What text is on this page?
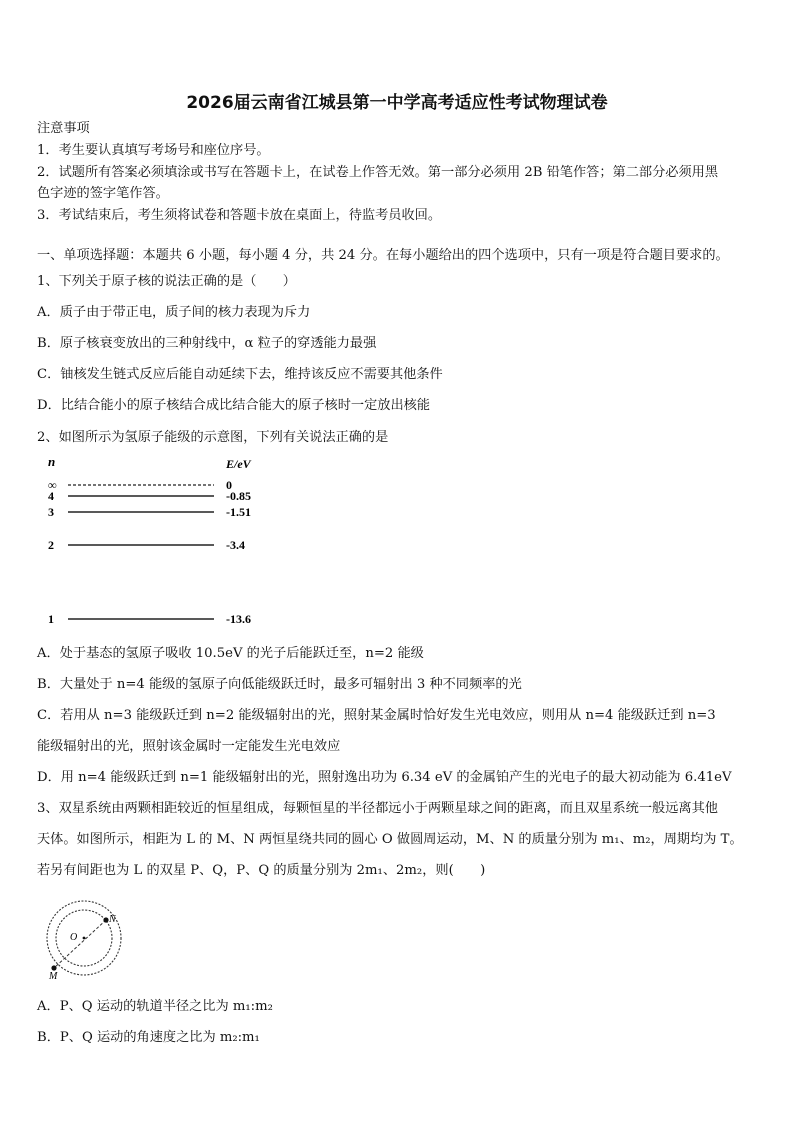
2026届云南省江城县第一中学高考适应性考试物理试卷
注意事项
1．考生要认真填写考场号和座位序号。
2．试题所有答案必须填涂或书写在答题卡上，在试卷上作答无效。第一部分必须用 2B 铅笔作答；第二部分必须用黑
色字迹的签字笔作答。
3．考试结束后，考生须将试卷和答题卡放在桌面上，待监考员收回。
一、单项选择题：本题共 6 小题，每小题 4 分，共 24 分。在每小题给出的四个选项中，只有一项是符合题目要求的。
1、下列关于原子核的说法正确的是（　　）
A．质子由于带正电，质子间的核力表现为斥力
B．原子核衰变放出的三种射线中，α 粒子的穿透能力最强
C．铀核发生链式反应后能自动延续下去，维持该反应不需要其他条件
D．比结合能小的原子核结合成比结合能大的原子核时一定放出核能
2、如图所示为氢原子能级的示意图，下列有关说法正确的是
n	E/eV
∞	0
4	-0.85
3	-1.51
2	-3.4
1	-13.6
A．处于基态的氢原子吸收 10.5eV 的光子后能跃迁至，n=2 能级
B．大量处于 n=4 能级的氢原子向低能级跃迁时，最多可辐射出 3 种不同频率的光
C．若用从 n=3 能级跃迁到 n=2 能级辐射出的光，照射某金属时恰好发生光电效应，则用从 n=4 能级跃迁到 n=3
能级辐射出的光，照射该金属时一定能发生光电效应
D．用 n=4 能级跃迁到 n=1 能级辐射出的光，照射逸出功为 6.34 eV 的金属铂产生的光电子的最大初动能为 6.41eV
3、双星系统由两颗相距较近的恒星组成，每颗恒星的半径都远小于两颗星球之间的距离，而且双星系统一般远离其他
天体。如图所示，相距为 L 的 M、N 两恒星绕共同的圆心 O 做圆周运动，M、N 的质量分别为 m₁、m₂，周期均为 T。
若另有间距也为 L 的双星 P、Q，P、Q 的质量分别为 2m₁、2m₂，则(　　)
O
N
M
A．P、Q 运动的轨道半径之比为 m₁:m₂
B．P、Q 运动的角速度之比为 m₂:m₁
